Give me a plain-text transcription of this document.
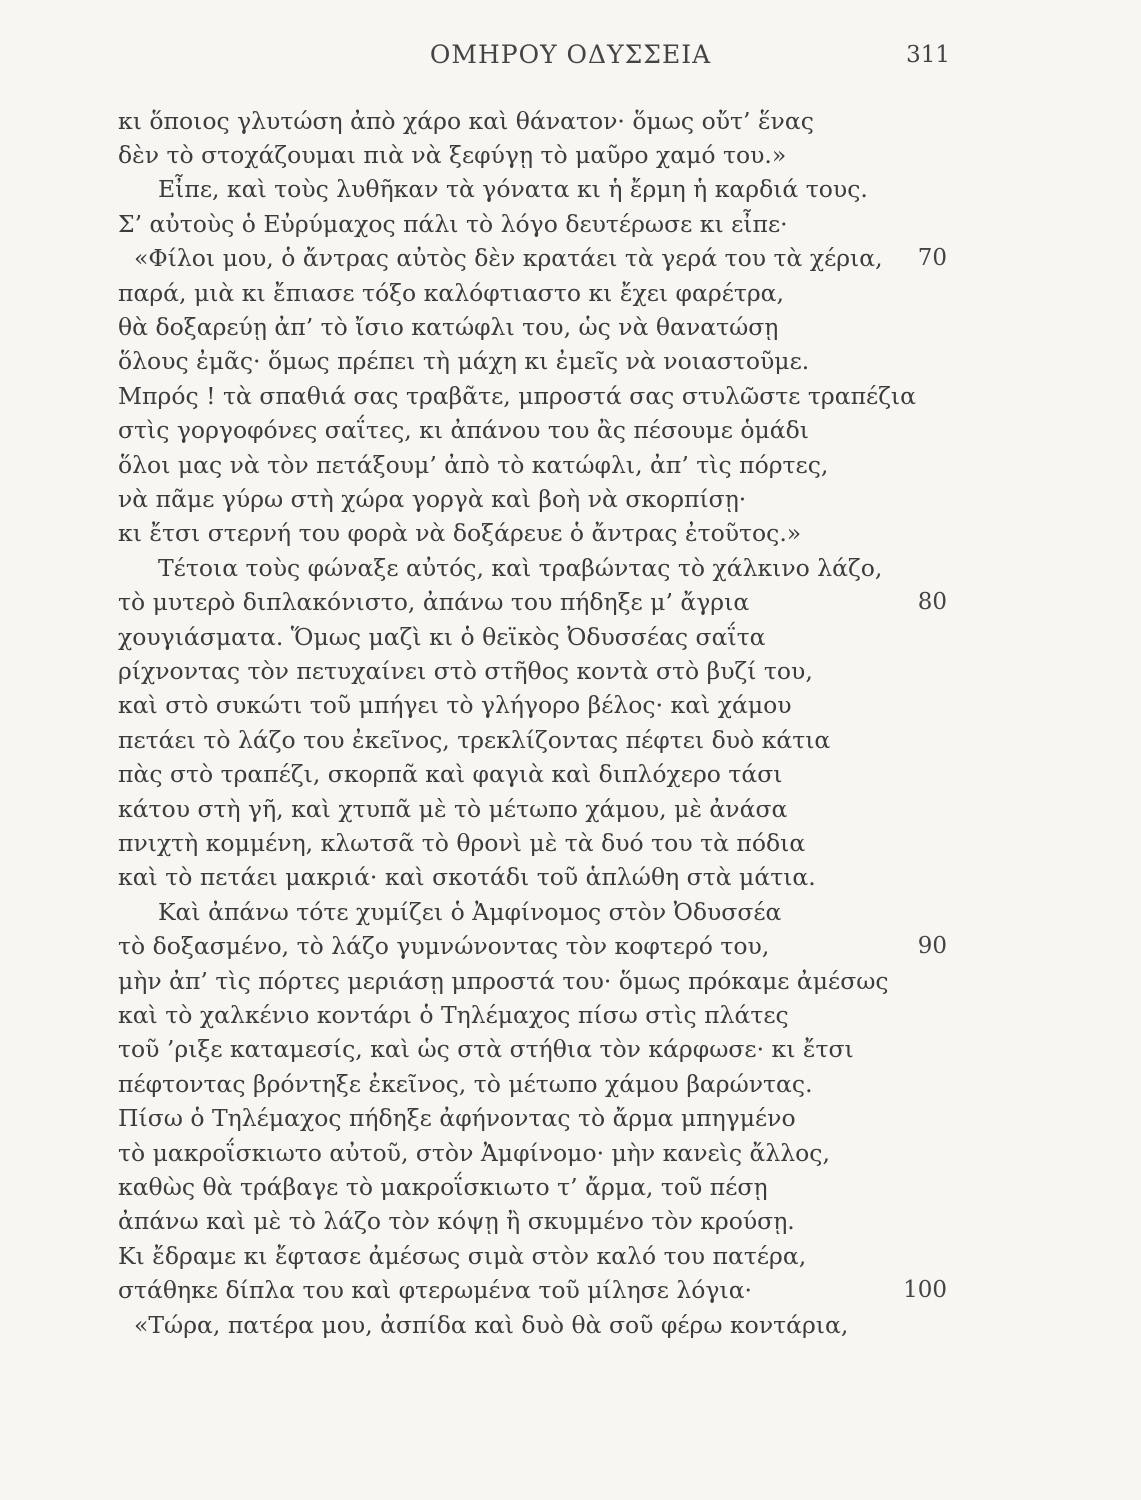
ΟΜΗΡΟΥ ΟΔΥΣΣΕΙΑ	311
κι ὅποιος γλυτώση ἀπὸ χάρο καὶ θάνατον· ὅμως οὔτ’ ἕνας
δὲν τὸ στοχάζουμαι πιὰ νὰ ξεφύγῃ τὸ μαῦρο χαμό του.»
Εἶπε, καὶ τοὺς λυθῆκαν τὰ γόνατα κι ἡ ἔρμη ἡ καρδιά τους.
Σ’ αὐτοὺς ὁ Εὐρύμαχος πάλι τὸ λόγο δευτέρωσε κι εἶπε·
«Φίλοι μου, ὁ ἄντρας αὐτὸς δὲν κρατάει τὰ γερά του τὰ χέρια,
παρά, μιὰ κι ἔπιασε τόξο καλόφτιαστο κι ἔχει φαρέτρα,
θὰ δοξαρεύῃ ἀπ’ τὸ ἴσιο κατώφλι του, ὡς νὰ θανατώσῃ
ὅλους ἐμᾶς· ὅμως πρέπει τὴ μάχη κι ἐμεῖς νὰ νοιαστοῦμε.
Μπρός ! τὰ σπαθιά σας τραβᾶτε, μπροστά σας στυλῶστε τραπέζια
στὶς γοργοφόνες σαΐτες, κι ἀπάνου του ἂς πέσουμε ὁμάδι
ὅλοι μας νὰ τὸν πετάξουμ’ ἀπὸ τὸ κατώφλι, ἀπ’ τὶς πόρτες,
νὰ πᾶμε γύρω στὴ χώρα γοργὰ καὶ βοὴ νὰ σκορπίσῃ·
κι ἔτσι στερνή του φορὰ νὰ δοξάρευε ὁ ἄντρας ἐτοῦτος.»
Τέτοια τοὺς φώναξε αὐτός, καὶ τραβώντας τὸ χάλκινο λάζο,
τὸ μυτερὸ διπλακόνιστο, ἀπάνω του πήδηξε μ’ ἄγρια
χουγιάσματα. Ὅμως μαζὶ κι ὁ θεϊκὸς Ὀδυσσέας σαΐτα
ρίχνοντας τὸν πετυχαίνει στὸ στῆθος κοντὰ στὸ βυζί του,
καὶ στὸ συκώτι τοῦ μπήγει τὸ γλήγορο βέλος· καὶ χάμου
πετάει τὸ λάζο του ἐκεῖνος, τρεκλίζοντας πέφτει δυὸ κάτια
πὰς στὸ τραπέζι, σκορπᾶ καὶ φαγιὰ καὶ διπλόχερο τάσι
κάτου στὴ γῆ, καὶ χτυπᾶ μὲ τὸ μέτωπο χάμου, μὲ ἀνάσα
πνιχτὴ κομμένη, κλωτσᾶ τὸ θρονὶ μὲ τὰ δυό του τὰ πόδια
καὶ τὸ πετάει μακριά· καὶ σκοτάδι τοῦ ἁπλώθη στὰ μάτια.
Καὶ ἀπάνω τότε χυμίζει ὁ Ἀμφίνομος στὸν Ὀδυσσέα
τὸ δοξασμένο, τὸ λάζο γυμνώνοντας τὸν κοφτερό του,
μὴν ἀπ’ τὶς πόρτες μεριάσῃ μπροστά του· ὅμως πρόκαμε ἀμέσως
καὶ τὸ χαλκένιο κοντάρι ὁ Τηλέμαχος πίσω στὶς πλάτες
τοῦ ’ριξε καταμεσίς, καὶ ὡς στὰ στήθια τὸν κάρφωσε· κι ἔτσι
πέφτοντας βρόντηξε ἐκεῖνος, τὸ μέτωπο χάμου βαρώντας.
Πίσω ὁ Τηλέμαχος πήδηξε ἀφήνοντας τὸ ἄρμα μπηγμένο
τὸ μακροΐσκιωτο αὐτοῦ, στὸν Ἀμφίνομο· μὴν κανεὶς ἄλλος,
καθὼς θὰ τράβαγε τὸ μακροΐσκιωτο τ’ ἄρμα, τοῦ πέσῃ
ἀπάνω καὶ μὲ τὸ λάζο τὸν κόψῃ ἢ σκυμμένο τὸν κρούσῃ.
Κι ἔδραμε κι ἔφτασε ἀμέσως σιμὰ στὸν καλό του πατέρα,
στάθηκε δίπλα του καὶ φτερωμένα τοῦ μίλησε λόγια·
«Τώρα, πατέρα μου, ἀσπίδα καὶ δυὸ θὰ σοῦ φέρω κοντάρια,
70
80
90
100
